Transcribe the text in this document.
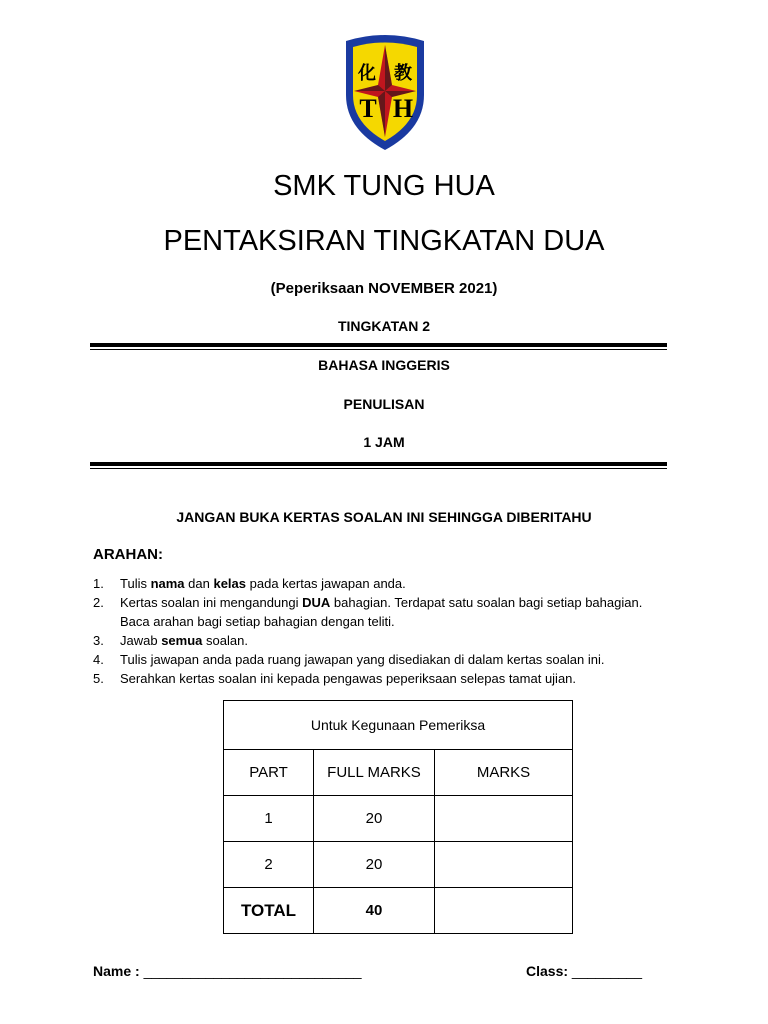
化 教
T H
SMK TUNG HUA
PENTAKSIRAN TINGKATAN DUA
(Peperiksaan NOVEMBER 2021)
TINGKATAN 2
BAHASA INGGERIS
PENULISAN
1 JAM
JANGAN BUKA KERTAS SOALAN INI SEHINGGA DIBERITAHU
ARAHAN:
1. Tulis nama dan kelas pada kertas jawapan anda.
2. Kertas soalan ini mengandungi DUA bahagian. Terdapat satu soalan bagi setiap bahagian.
Baca arahan bagi setiap bahagian dengan teliti.
3. Jawab semua soalan.
4. Tulis jawapan anda pada ruang jawapan yang disediakan di dalam kertas soalan ini.
5. Serahkan kertas soalan ini kepada pengawas peperiksaan selepas tamat ujian.
Untuk Kegunaan Pemeriksa		
PART	FULL MARKS	MARKS
1	20	
2	20	
TOTAL	40	
Name : ____________________________	Class: _________
